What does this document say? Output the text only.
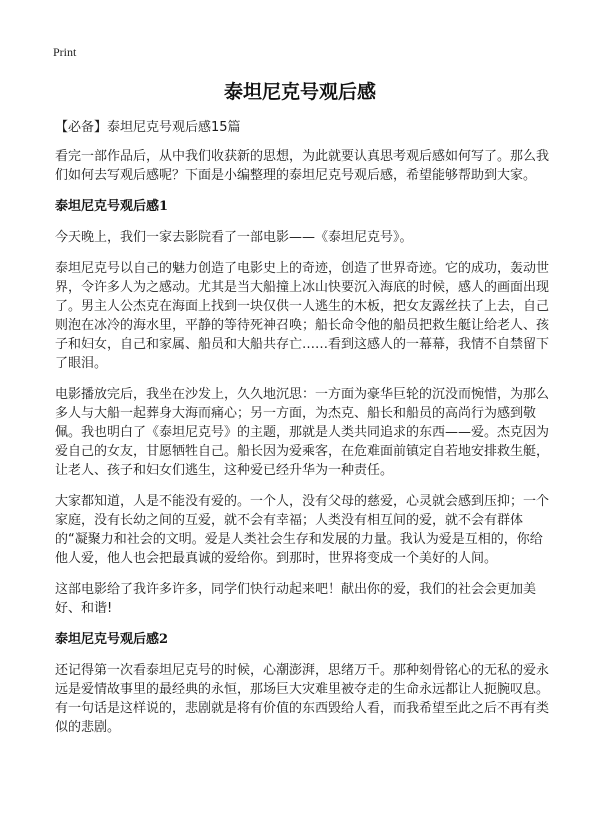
Print
泰坦尼克号观后感

【必备】泰坦尼克号观后感15篇

看完一部作品后，从中我们收获新的思想，为此就要认真思考观后感如何写了。那么我们如何去写观后感呢？下面是小编整理的泰坦尼克号观后感，希望能够帮助到大家。

泰坦尼克号观后感1

今天晚上，我们一家去影院看了一部电影——《泰坦尼克号》。

泰坦尼克号以自己的魅力创造了电影史上的奇迹，创造了世界奇迹。它的成功，轰动世界，令许多人为之感动。尤其是当大船撞上冰山快要沉入海底的时候，感人的画面出现了。男主人公杰克在海面上找到一块仅供一人逃生的木板，把女友露丝扶了上去，自己则泡在冰冷的海水里，平静的等待死神召唤；船长命令他的船员把救生艇让给老人、孩子和妇女，自己和家属、船员和大船共存亡……看到这感人的一幕幕，我情不自禁留下了眼泪。

电影播放完后，我坐在沙发上，久久地沉思：一方面为豪华巨轮的沉没而惋惜，为那么多人与大船一起葬身大海而痛心；另一方面，为杰克、船长和船员的高尚行为感到敬佩。我也明白了《泰坦尼克号》的主题，那就是人类共同追求的东西——爱。杰克因为爱自己的女友，甘愿牺牲自己。船长因为爱乘客，在危难面前镇定自若地安排救生艇，让老人、孩子和妇女们逃生，这种爱已经升华为一种责任。

大家都知道，人是不能没有爱的。一个人，没有父母的慈爱，心灵就会感到压抑；一个家庭，没有长幼之间的互爱，就不会有幸福；人类没有相互间的爱，就不会有群体的“凝聚力和社会的文明。爱是人类社会生存和发展的力量。我认为爱是互相的，你给他人爱，他人也会把最真诚的爱给你。到那时，世界将变成一个美好的人间。

这部电影给了我许多许多，同学们快行动起来吧！献出你的爱，我们的社会会更加美好、和谐!

泰坦尼克号观后感2

还记得第一次看泰坦尼克号的时候，心潮澎湃，思绪万千。那种刻骨铭心的无私的爱永远是爱情故事里的最经典的永恒，那场巨大灾难里被夺走的生命永远都让人扼腕叹息。有一句话是这样说的，悲剧就是将有价值的东西毁给人看，而我希望至此之后不再有类似的悲剧。
